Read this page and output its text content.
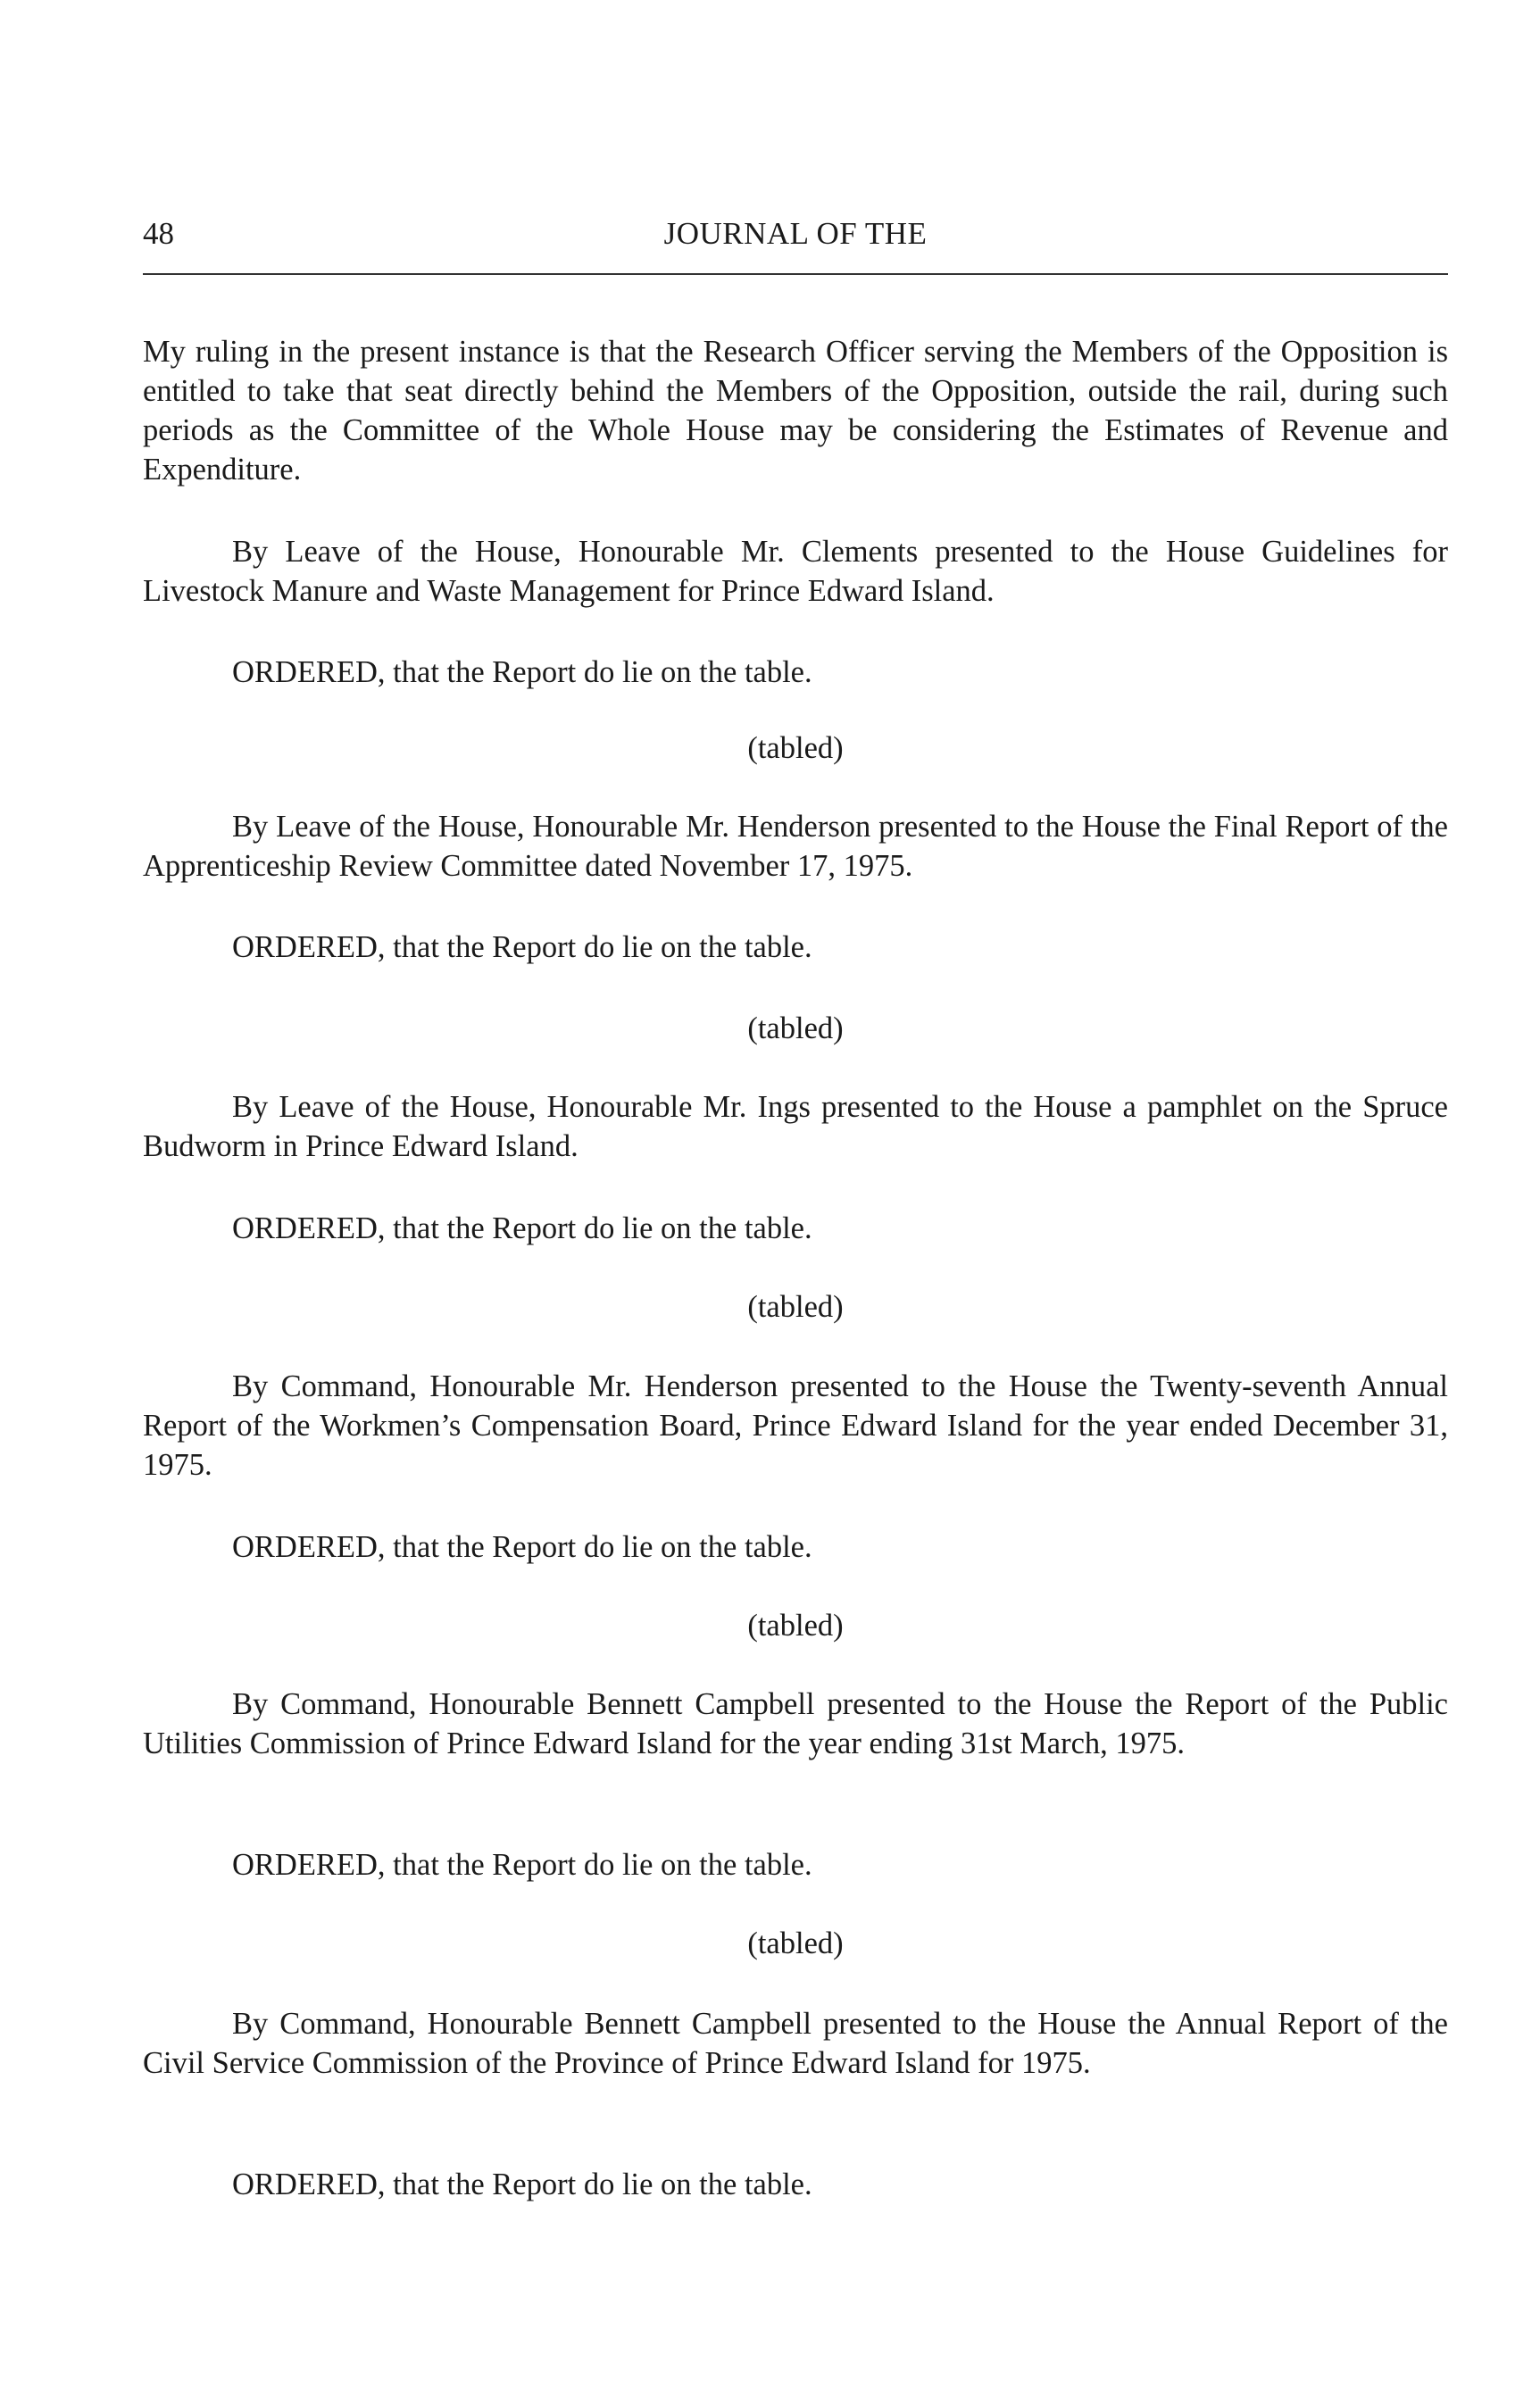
48	JOURNAL OF THE

My ruling in the present instance is that the Research Officer serving the Members of the Opposition is entitled to take that seat directly behind the Members of the Opposition, outside the rail, during such periods as the Committee of the Whole House may be considering the Estimates of Revenue and Expenditure.

By Leave of the House, Honourable Mr. Clements presented to the House Guidelines for Livestock Manure and Waste Management for Prince Edward Island.

ORDERED, that the Report do lie on the table.

(tabled)

By Leave of the House, Honourable Mr. Henderson presented to the House the Final Report of the Apprenticeship Review Committee dated November 17, 1975.

ORDERED, that the Report do lie on the table.

(tabled)

By Leave of the House, Honourable Mr. Ings presented to the House a pamphlet on the Spruce Budworm in Prince Edward Island.

ORDERED, that the Report do lie on the table.

(tabled)

By Command, Honourable Mr. Henderson presented to the House the Twenty-seventh Annual Report of the Workmen’s Compensation Board, Prince Edward Island for the year ended December 31, 1975.

ORDERED, that the Report do lie on the table.

(tabled)

By Command, Honourable Bennett Campbell presented to the House the Report of the Public Utilities Commission of Prince Edward Island for the year ending 31st March, 1975.

ORDERED, that the Report do lie on the table.

(tabled)

By Command, Honourable Bennett Campbell presented to the House the Annual Report of the Civil Service Commission of the Province of Prince Edward Island for 1975.

ORDERED, that the Report do lie on the table.
